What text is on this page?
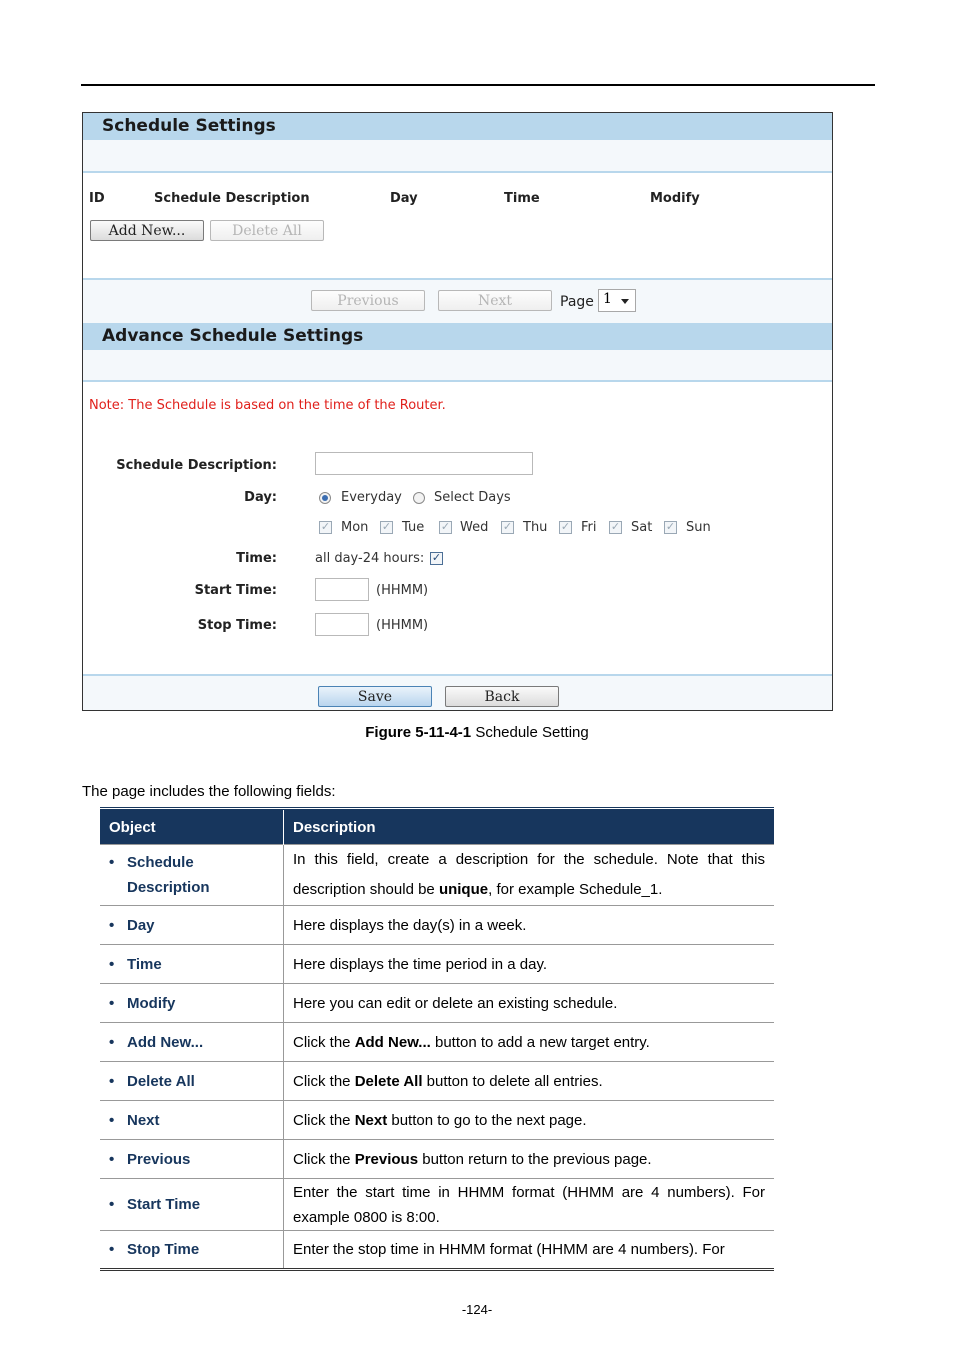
Schedule Settings
ID	Schedule Description	Day	Time	Modify
Add New...	Delete All
Previous	Next	Page 1
Advance Schedule Settings
Note: The Schedule is based on the time of the Router.
Schedule Description:
Day:	Everyday Select Days
✓ Mon ✓ Tue ✓ Wed ✓ Thu ✓ Fri ✓ Sat ✓ Sun
Time:	all day-24 hours: ✓
Start Time:	(HHMM)
Stop Time:	(HHMM)
Save	Back
Figure 5-11-4-1 Schedule Setting
The page includes the following fields:
Object	Description

• Schedule
Description	In this field, create a description for the schedule. Note that this description should be unique, for example Schedule_1.

• Day	Here displays the day(s) in a week.

• Time	Here displays the time period in a day.

• Modify	Here you can edit or delete an existing schedule.

• Add New...	Click the Add New... button to add a new target entry.

• Delete All	Click the Delete All button to delete all entries.

• Next	Click the Next button to go to the next page.

• Previous	Click the Previous button return to the previous page.

• Start Time	Enter the start time in HHMM format (HHMM are 4 numbers). For example 0800 is 8:00.

• Stop Time	Enter the stop time in HHMM format (HHMM are 4 numbers). For
-124-
